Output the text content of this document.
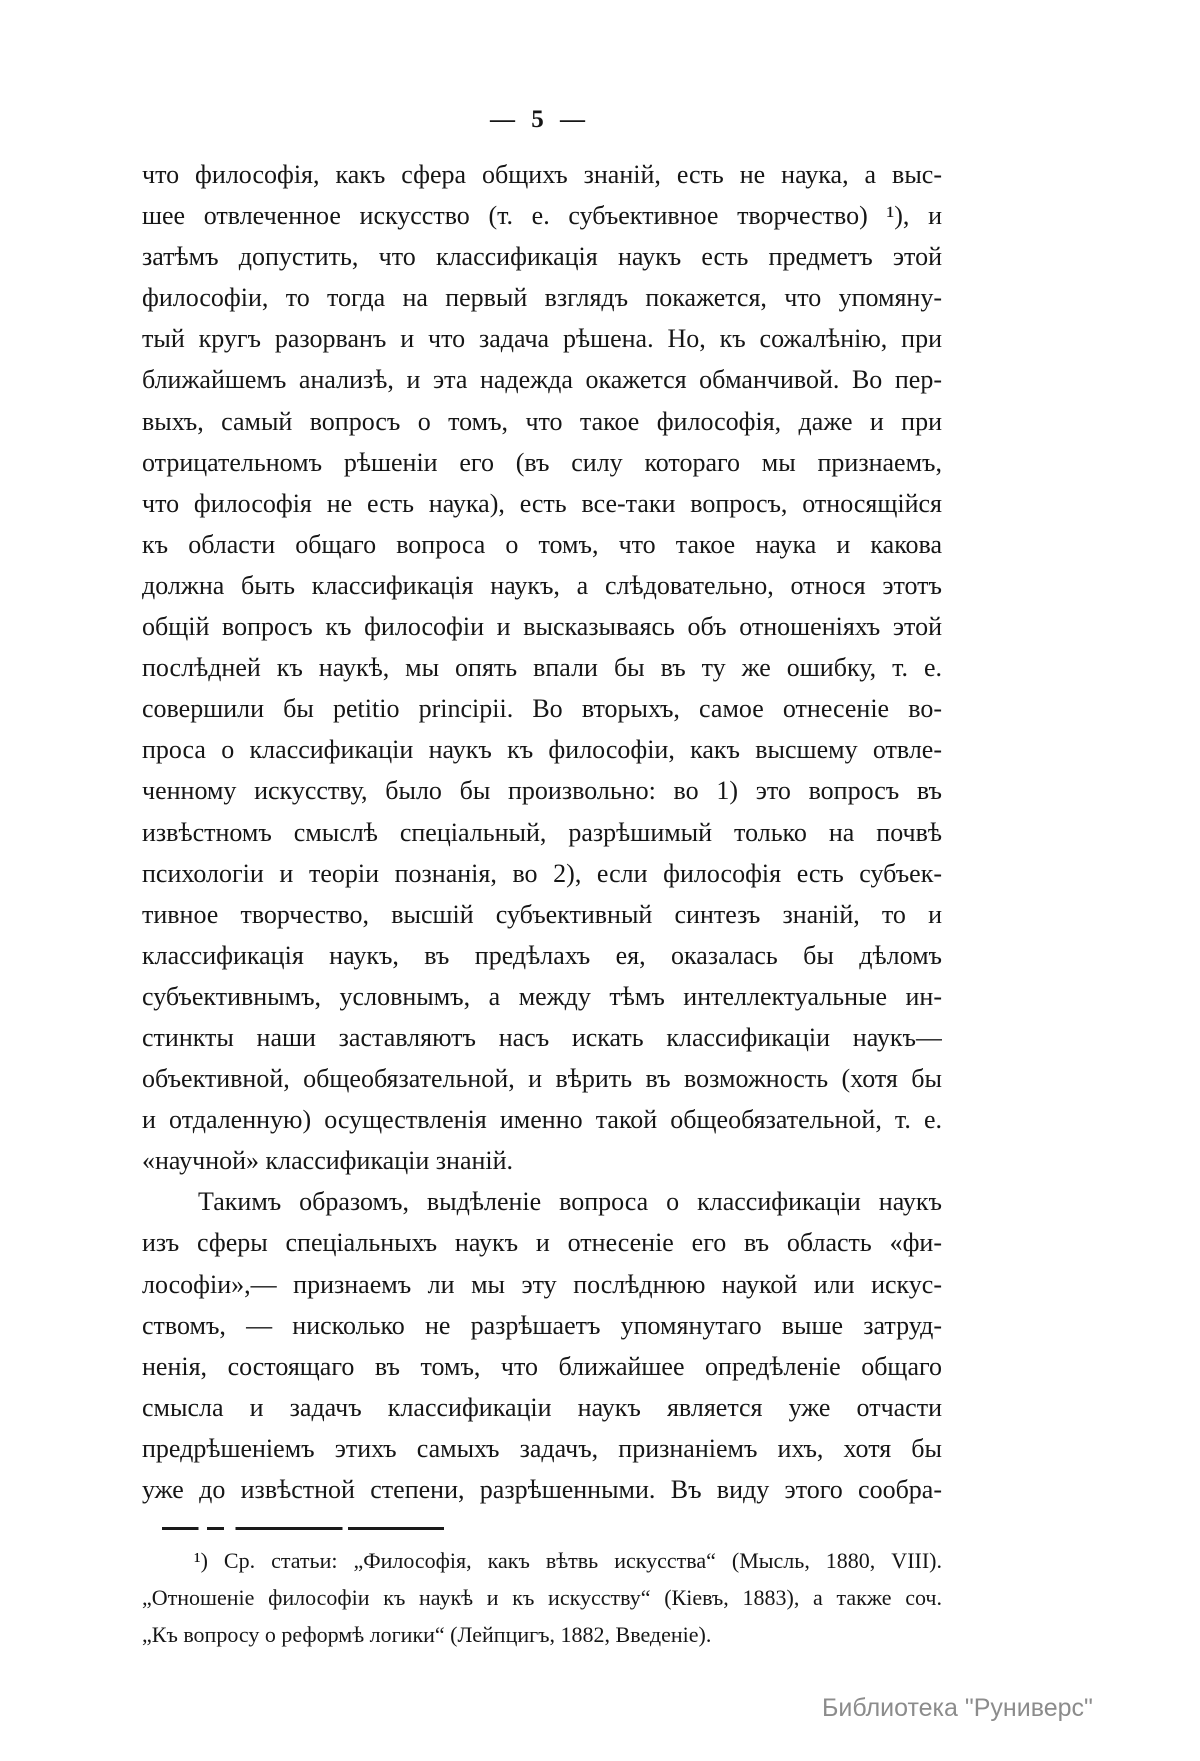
— 5 —
что философія, какъ сфера общихъ знаній, есть не наука, а выс-
шее отвлеченное искусство (т. е. субъективное творчество) ¹), и
затѣмъ допустить, что классификація наукъ есть предметъ этой
философіи, то тогда на первый взглядъ покажется, что упомяну-
тый кругъ разорванъ и что задача рѣшена. Но, къ сожалѣнію, при
ближайшемъ анализѣ, и эта надежда окажется обманчивой. Во пер-
выхъ, самый вопросъ о томъ, что такое философія, даже и при
отрицательномъ рѣшеніи его (въ силу котораго мы признаемъ,
что философія не есть наука), есть все-таки вопросъ, относящійся
къ области общаго вопроса о томъ, что такое наука и какова
должна быть классификація наукъ, а слѣдовательно, относя этотъ
общій вопросъ къ философіи и высказываясь объ отношеніяхъ этой
послѣдней къ наукѣ, мы опять впали бы въ ту же ошибку, т. е.
совершили бы petitio principii. Во вторыхъ, самое отнесеніе во-
проса о классификаціи наукъ къ философіи, какъ высшему отвле-
ченному искусству, было бы произвольно: во 1) это вопросъ въ
извѣстномъ смыслѣ спеціальный, разрѣшимый только на почвѣ
психологіи и теоріи познанія, во 2), если философія есть субъек-
тивное творчество, высшій субъективный синтезъ знаній, то и
классификація наукъ, въ предѣлахъ ея, оказалась бы дѣломъ
субъективнымъ, условнымъ, а между тѣмъ интеллектуальные ин-
стинкты наши заставляютъ насъ искать классификаціи наукъ—
объективной, общеобязательной, и вѣрить въ возможность (хотя бы
и отдаленную) осуществленія именно такой общеобязательной, т. е.
«научной» классификаціи знаній.
Такимъ образомъ, выдѣленіе вопроса о классификаціи наукъ
изъ сферы спеціальныхъ наукъ и отнесеніе его въ область «фи-
лософіи»,— признаемъ ли мы эту послѣднюю наукой или искус-
ствомъ, — нисколько не разрѣшаетъ упомянутаго выше затруд-
ненія, состоящаго въ томъ, что ближайшее опредѣленіе общаго
смысла и задачъ классификаціи наукъ является уже отчасти
предрѣшеніемъ этихъ самыхъ задачъ, признаніемъ ихъ, хотя бы
уже до извѣстной степени, разрѣшенными. Въ виду этого сообра-
¹) Ср. статьи: „Философія, какъ вѣтвь искусства“ (Мысль, 1880, VIII).
„Отношеніе философіи къ наукѣ и къ искусству“ (Кіевъ, 1883), а также соч.
„Къ вопросу о реформѣ логики“ (Лейпцигъ, 1882, Введеніе).
Библиотека "Руниверс"
